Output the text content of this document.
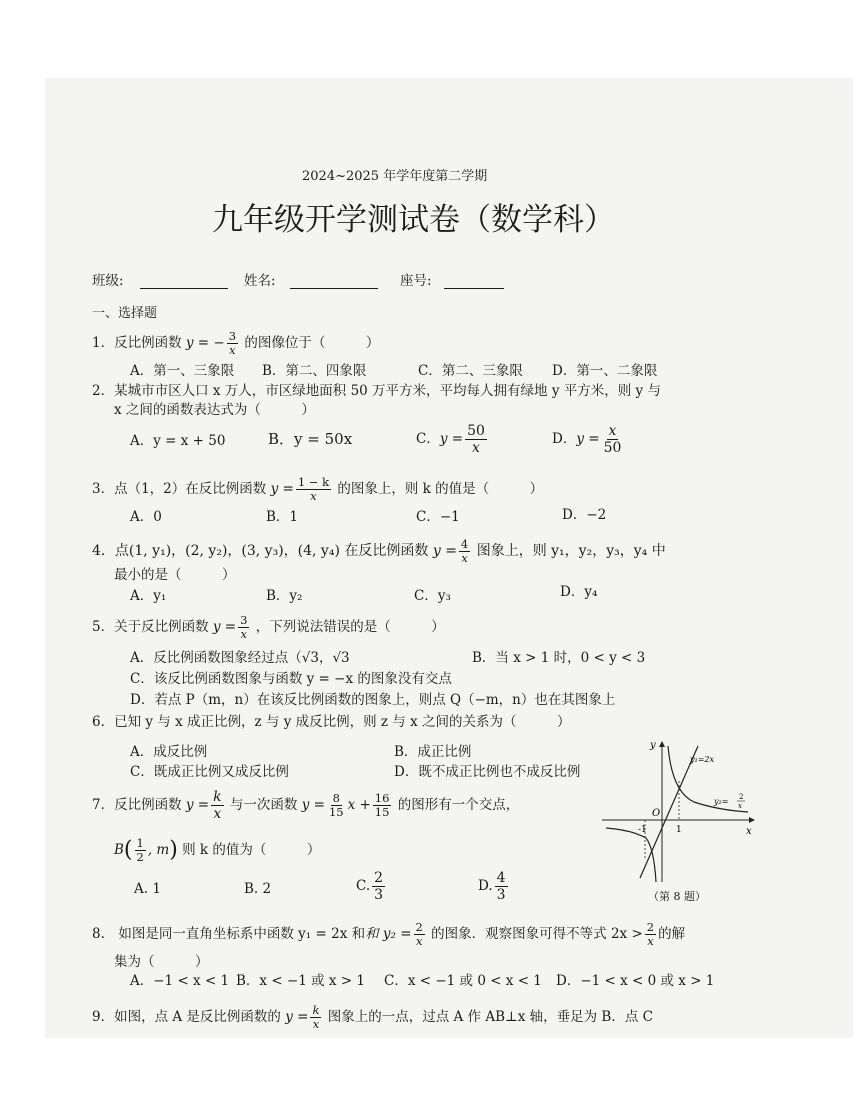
2024~2025 年学年度第二学期
九年级开学测试卷（数学科）
班级:	姓名:	座号:
一、选择题
1．反比例函数 y = − $\frac{3}{x}$ 的图像位于（　　　）
A．第一、三象限 B．第二、四象限	C．第二、三象限 D．第一、二象限
2．某城市市区人口 x 万人，市区绿地面积 50 万平方米，平均每人拥有绿地 y 平方米，则 y 与
x 之间的函数表达式为（　　　）
A．y = x + 50	B．y = 50x	C．$y = \frac{50}{x}$	D．$y = \frac{x}{50}$
3．点（1，2）在反比例函数 $y = \frac{1 - k}{x}$ 的图象上，则 k 的值是（　　　）
A．0	B．1	C．−1	D．−2
4．点(1, y₁)，(2, y₂)，(3, y₃)，(4, y₄) 在反比例函数 $y = \frac{4}{x}$ 图象上，则 y₁，y₂，y₃，y₄ 中
最小的是（　　　）
A．y₁	B．y₂	C．y₃	D．y₄
5．关于反比例函数 $y = \frac{3}{x}$ ，下列说法错误的是（　　　）
A．反比例函数图象经过点（√3，√3	B．当 x > 1 时，0 < y < 3
C．该反比例函数图象与函数 y = −x 的图象没有交点
D．若点 P（m，n）在该反比例函数的图象上，则点 Q（−m，n）也在其图象上
6．已知 y 与 x 成正比例，z 与 y 成反比例，则 z 与 x 之间的关系为（　　　）
A．成反比例	B．成正比例
C．既成正比例又成反比例	D．既不成正比例也不成反比例
7．反比例函数 $y = \frac{k}{x}$ 与一次函数 $y = \frac{8}{15}$ $x + \frac{16}{15}$ 的图形有一个交点，
$B( \frac{1}{2}$ , m) 则 k 的值为（　　　）
A. 1	B. 2	C. $\frac{2}{3}$	D. $\frac{4}{3}$
y
x
O
-1	1
y₁=2x
y₂= 2
x
（第 8 题）
8.　如图是同一直角坐标系中函数 y₁ = 2x 和和 $y_2 = \frac{2}{x}$ 的图象．观察图象可得不等式 $2x > \frac{2}{x}$ 的解
集为（　　　）
A．−1 < x < 1 B．x < −1 或 x > 1 C．x < −1 或 0 < x < 1 D．−1 < x < 0 或 x > 1
9．如图，点 A 是反比例函数的 $y = \frac{k}{x}$ 图象上的一点，过点 A 作 AB⊥x 轴，垂足为 B．点 C
